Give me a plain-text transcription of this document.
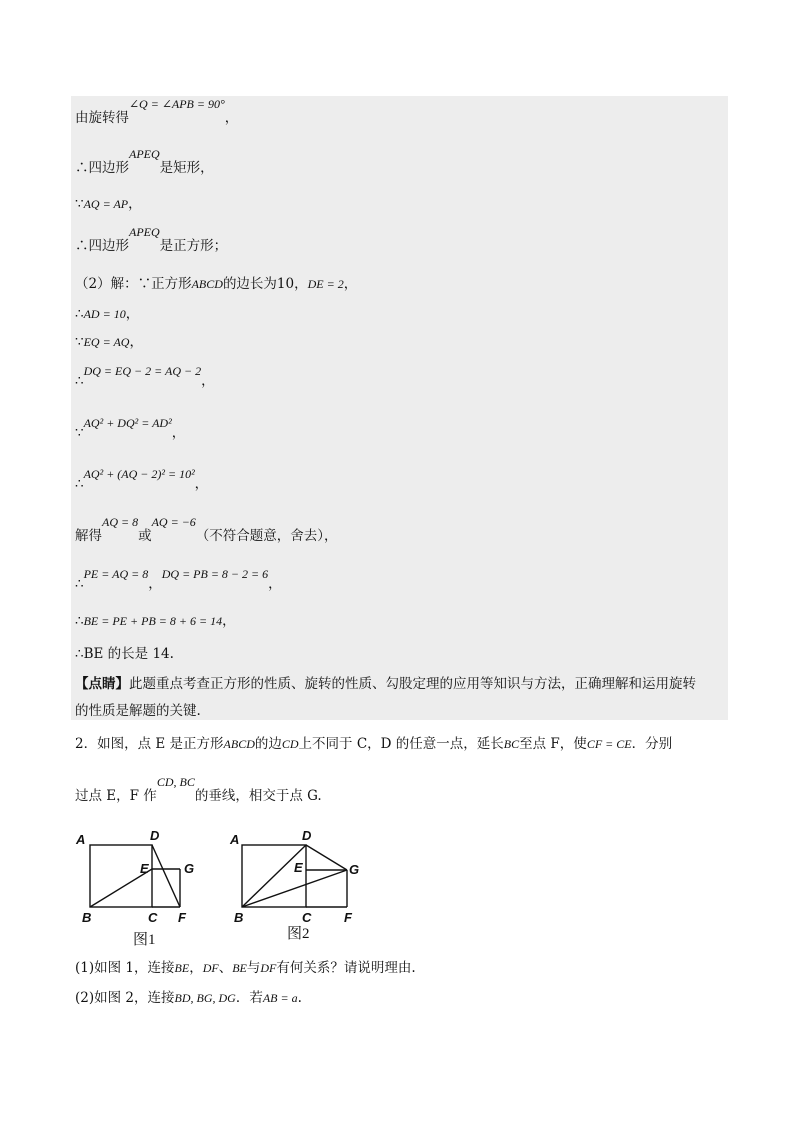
由旋转得∠Q = ∠APB = 90°，
∴四边形APEQ是矩形，
∵AQ = AP，
∴四边形APEQ是正方形；
（2）解：∵正方形ABCD的边长为10，DE = 2，
∴AD = 10，
∵EQ = AQ，
∴DQ = EQ − 2 = AQ − 2，
∵AQ² + DQ² = AD²，
∴AQ² + (AQ − 2)² = 10²，
解得AQ = 8或AQ = −6（不符合题意，舍去），
∴PE = AQ = 8，DQ = PB = 8 − 2 = 6，
∴BE = PE + PB = 8 + 6 = 14，
∴BE 的长是 14.
【点睛】此题重点考查正方形的性质、旋转的性质、勾股定理的应用等知识与方法，正确理解和运用旋转
的性质是解题的关键.
2．如图，点 E 是正方形ABCD的边CD上不同于 C，D 的任意一点，延长BC至点 F，使CF = CE．分别
过点 E，F 作CD, BC的垂线，相交于点 G.
A	D
E	G
B	C F
图1
A	D
E	G
B	C	F
图2
(1)如图 1，连接BE，DF、BE与DF有何关系？请说明理由.
(2)如图 2，连接BD, BG, DG．若AB = a.
